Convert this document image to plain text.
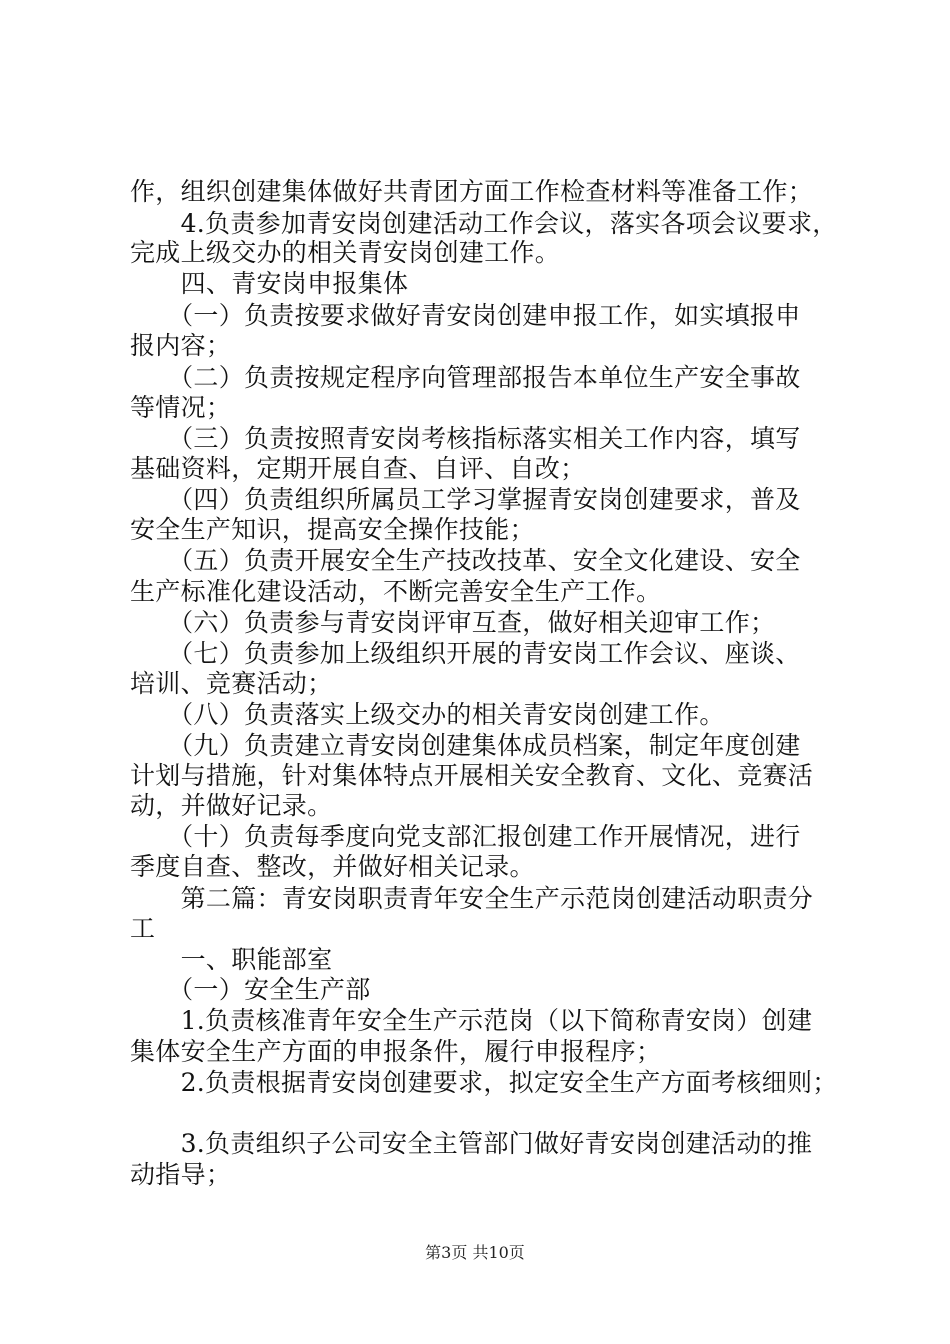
作，组织创建集体做好共青团方面工作检查材料等准备工作；
　　4.负责参加青安岗创建活动工作会议，落实各项会议要求，
完成上级交办的相关青安岗创建工作。
　　四、青安岗申报集体
　　（一）负责按要求做好青安岗创建申报工作，如实填报申
报内容；
　　（二）负责按规定程序向管理部报告本单位生产安全事故
等情况；
　　（三）负责按照青安岗考核指标落实相关工作内容，填写
基础资料，定期开展自查、自评、自改；
　　（四）负责组织所属员工学习掌握青安岗创建要求，普及
安全生产知识，提高安全操作技能；
　　（五）负责开展安全生产技改技革、安全文化建设、安全
生产标准化建设活动，不断完善安全生产工作。
　　（六）负责参与青安岗评审互查，做好相关迎审工作；
　　（七）负责参加上级组织开展的青安岗工作会议、座谈、
培训、竞赛活动；
　　（八）负责落实上级交办的相关青安岗创建工作。
　　（九）负责建立青安岗创建集体成员档案，制定年度创建
计划与措施，针对集体特点开展相关安全教育、文化、竞赛活
动，并做好记录。
　　（十）负责每季度向党支部汇报创建工作开展情况，进行
季度自查、整改，并做好相关记录。
　　第二篇：青安岗职责青年安全生产示范岗创建活动职责分
工
　　一、职能部室
　　（一）安全生产部
　　1.负责核准青年安全生产示范岗（以下简称青安岗）创建
集体安全生产方面的申报条件，履行申报程序；
　　2.负责根据青安岗创建要求，拟定安全生产方面考核细则；
　　3.负责组织子公司安全主管部门做好青安岗创建活动的推
动指导；
第3页 共10页
